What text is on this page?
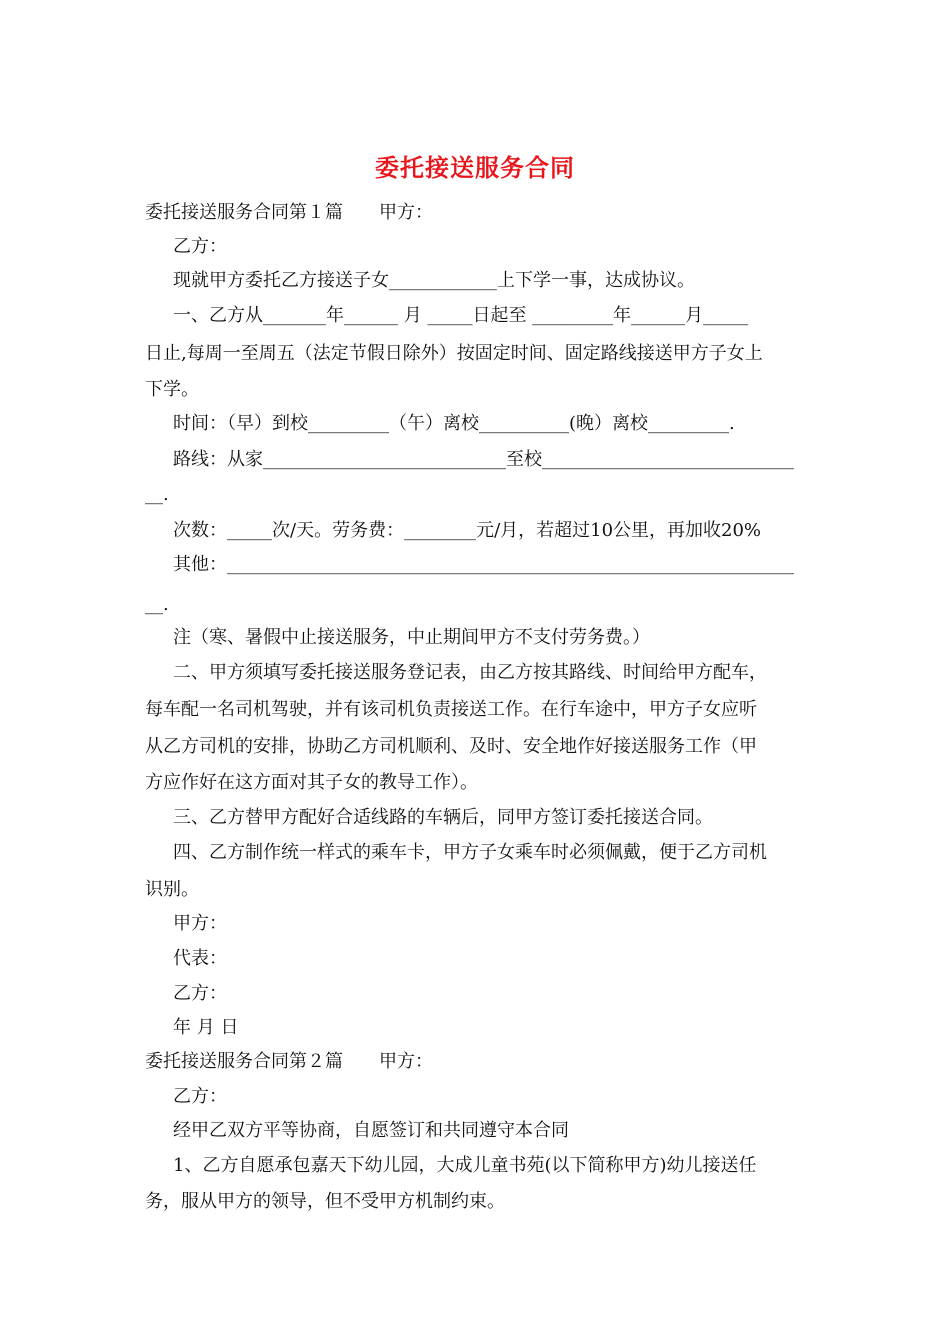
委托接送服务合同
委托接送服务合同第１篇　　甲方：
乙方：
现就甲方委托乙方接送子女____________上下学一事，达成协议。
一、乙方从_______年______ 月 _____日起至 _________年______月_____
日止,每周一至周五（法定节假日除外）按固定时间、固定路线接送甲方子女上
下学。
时间：（早）到校_________（午）离校__________(晚）离校_________.
路线：从家___________________________至校____________________________
__.
次数：_____次/天。劳务费：________元/月，若超过10公里，再加收20%
其他：_______________________________________________________________
__.
注（寒、暑假中止接送服务，中止期间甲方不支付劳务费。）
二、甲方须填写委托接送服务登记表，由乙方按其路线、时间给甲方配车，
每车配一名司机驾驶，并有该司机负责接送工作。在行车途中，甲方子女应听
从乙方司机的安排，协助乙方司机顺利、及时、安全地作好接送服务工作（甲
方应作好在这方面对其子女的教导工作）。
三、乙方替甲方配好合适线路的车辆后，同甲方签订委托接送合同。
四、乙方制作统一样式的乘车卡，甲方子女乘车时必须佩戴，便于乙方司机
识别。
甲方：
代表：
乙方：
年 月 日
委托接送服务合同第２篇　　甲方：
乙方：
经甲乙双方平等协商，自愿签订和共同遵守本合同
1、乙方自愿承包嘉天下幼儿园，大成儿童书苑(以下简称甲方)幼儿接送任
务，服从甲方的领导，但不受甲方机制约束。
